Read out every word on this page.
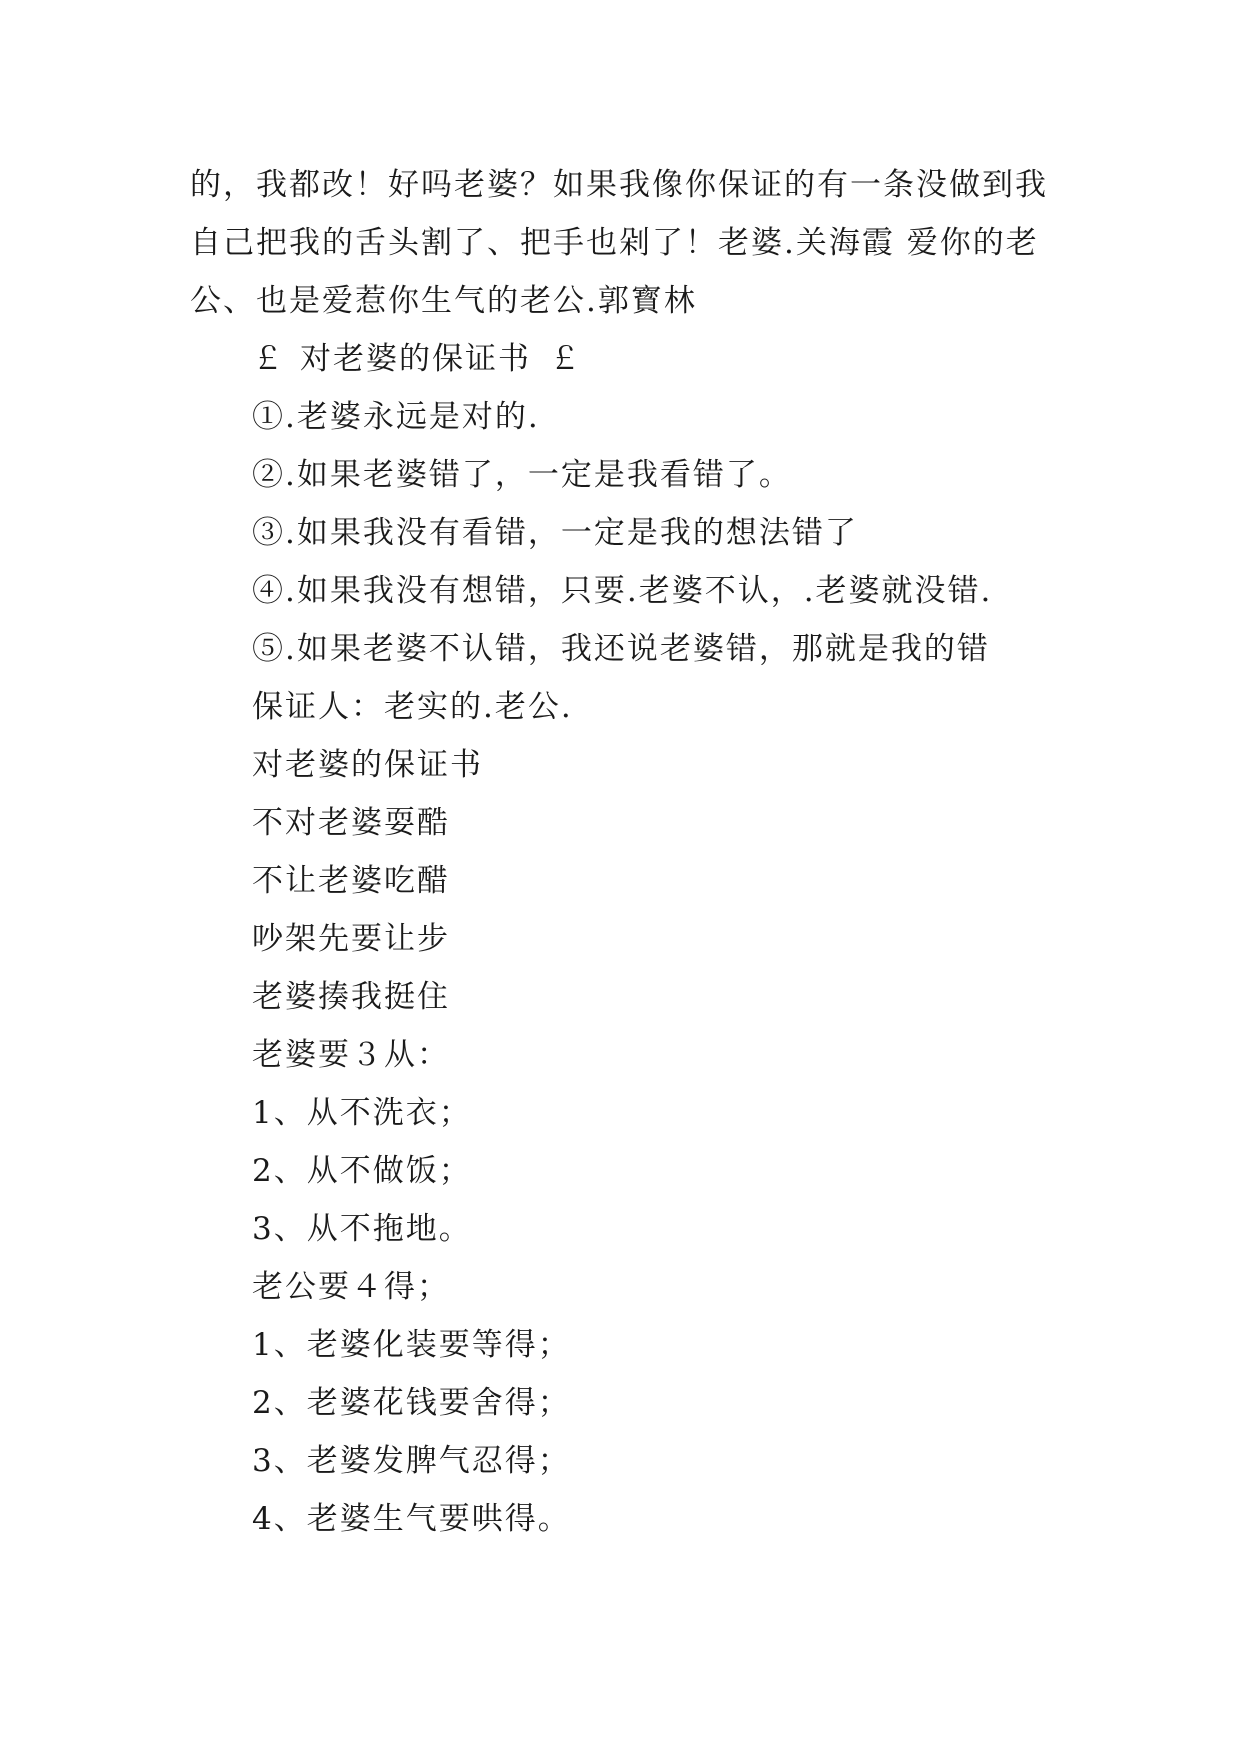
的，我都改！好吗老婆？如果我像你保证的有一条没做到我

自己把我的舌头割了、把手也剁了！老婆.关海霞 爱你的老

公、也是爱惹你生气的老公.郭寳林

￡ 对老婆的保证书 ￡

①.老婆永远是对的.

②.如果老婆错了，一定是我看错了。

③.如果我没有看错，一定是我的想法错了

④.如果我没有想错，只要.老婆不认，.老婆就没错.

⑤.如果老婆不认错，我还说老婆错，那就是我的错

保证人：老实的.老公.

对老婆的保证书

不对老婆耍酷

不让老婆吃醋

吵架先要让步

老婆揍我挺住

老婆要３从：

1、从不洗衣；

2、从不做饭；

3、从不拖地。

老公要４得；

1、老婆化装要等得；

2、老婆花钱要舍得；

3、老婆发脾气忍得；

4、老婆生气要哄得。
